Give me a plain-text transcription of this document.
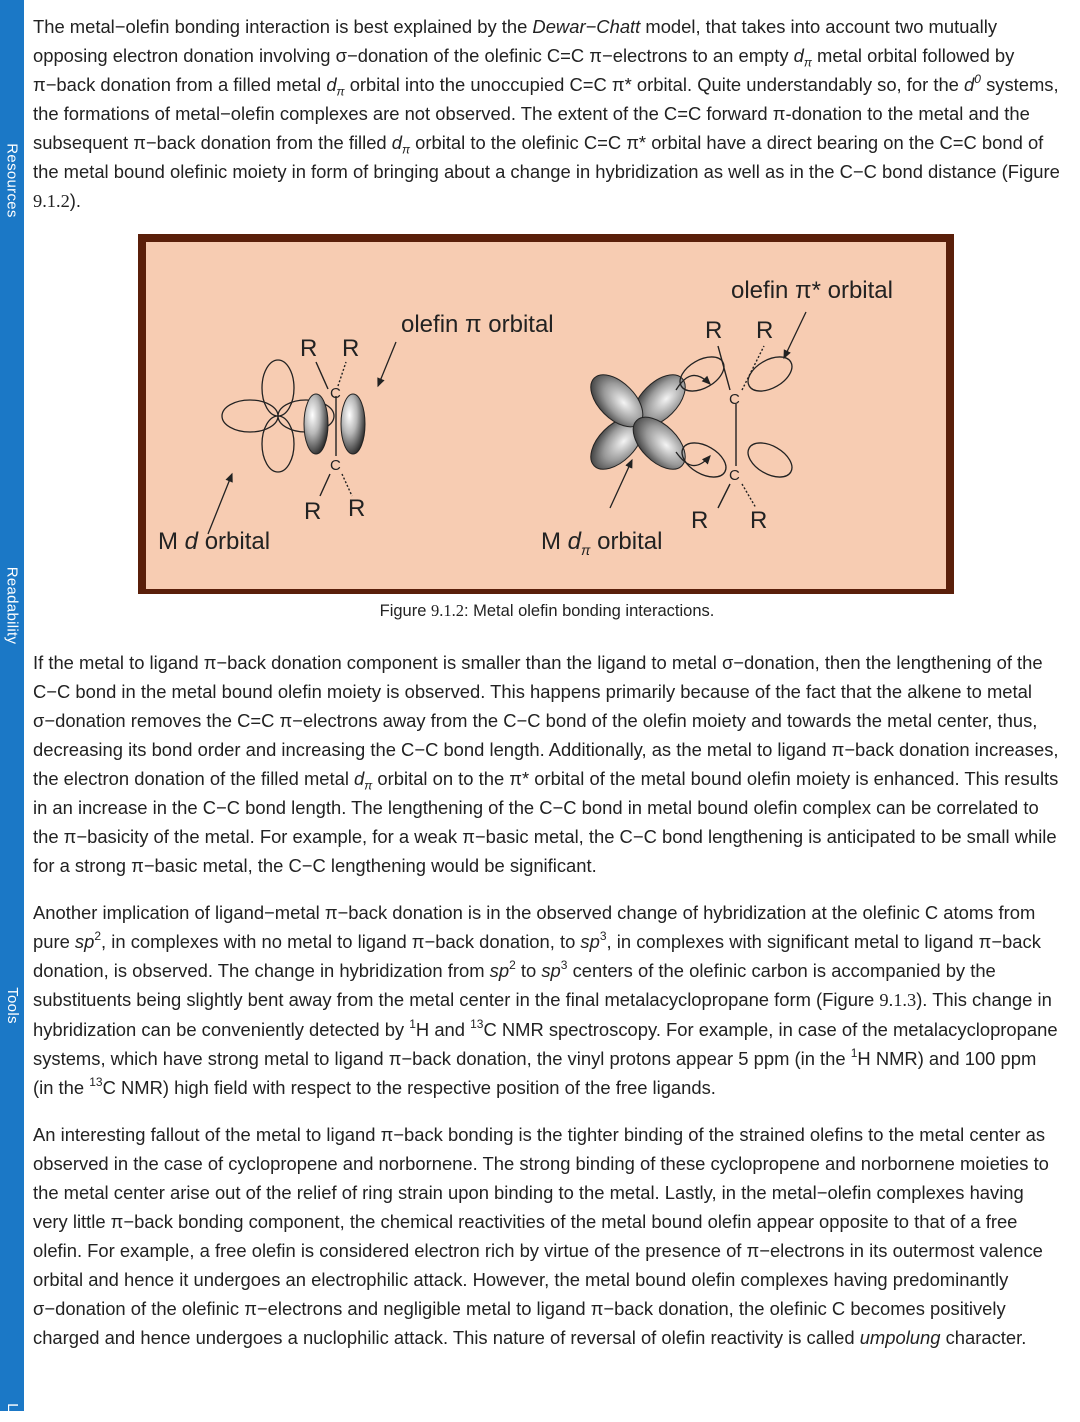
Resources
Readability
Tools
L

The metal−olefin bonding interaction is best explained by the Dewar−Chatt model, that takes into account two mutually opposing electron donation involving σ−donation of the olefinic C=C π−electrons to an empty $d_\pi$ metal orbital followed by π−back donation from a filled metal $d_\pi$ orbital into the unoccupied C=C π* orbital. Quite understandably so, for the $d^0$ systems, the formations of metal−olefin complexes are not observed. The extent of the C=C forward π-donation to the metal and the subsequent π−back donation from the filled $d_\pi$ orbital to the olefinic C=C π* orbital have a direct bearing on the C=C bond of the metal bound olefinic moiety in form of bringing about a change in hybridization as well as in the C−C bond distance (Figure 9.1.2).

C
C
R R
R R
olefin π orbital
M d orbital
C
C
R R
R R
olefin π* orbital
M $d_\pi$ orbital
Figure 9.1.2: Metal olefin bonding interactions.

If the metal to ligand π−back donation component is smaller than the ligand to metal σ−donation, then the lengthening of the C−C bond in the metal bound olefin moiety is observed. This happens primarily because of the fact that the alkene to metal σ−donation removes the C=C π−electrons away from the C−C bond of the olefin moiety and towards the metal center, thus, decreasing its bond order and increasing the C−C bond length. Additionally, as the metal to ligand π−back donation increases, the electron donation of the filled metal $d_\pi$ orbital on to the π* orbital of the metal bound olefin moiety is enhanced. This results in an increase in the C−C bond length. The lengthening of the C−C bond in metal bound olefin complex can be correlated to the π−basicity of the metal. For example, for a weak π−basic metal, the C−C bond lengthening is anticipated to be small while for a strong π−basic metal, the C−C lengthening would be significant.

Another implication of ligand−metal π−back donation is in the observed change of hybridization at the olefinic C atoms from pure $sp^2$, in complexes with no metal to ligand π−back donation, to $sp^3$, in complexes with significant metal to ligand π−back donation, is observed. The change in hybridization from $sp^2$ to $sp^3$ centers of the olefinic carbon is accompanied by the substituents being slightly bent away from the metal center in the final metalacyclopropane form (Figure 9.1.3). This change in hybridization can be conveniently detected by $^1$H and $^{13}$C NMR spectroscopy. For example, in case of the metalacyclopropane systems, which have strong metal to ligand π−back donation, the vinyl protons appear 5 ppm (in the $^1$H NMR) and 100 ppm (in the $^{13}$C NMR) high field with respect to the respective position of the free ligands.

An interesting fallout of the metal to ligand π−back bonding is the tighter binding of the strained olefins to the metal center as observed in the case of cyclopropene and norbornene. The strong binding of these cyclopropene and norbornene moieties to the metal center arise out of the relief of ring strain upon binding to the metal. Lastly, in the metal−olefin complexes having very little π−back bonding component, the chemical reactivities of the metal bound olefin appear opposite to that of a free olefin. For example, a free olefin is considered electron rich by virtue of the presence of π−electrons in its outermost valence orbital and hence it undergoes an electrophilic attack. However, the metal bound olefin complexes having predominantly σ−donation of the olefinic π−electrons and negligible metal to ligand π−back donation, the olefinic C becomes positively charged and hence undergoes a nuclophilic attack. This nature of reversal of olefin reactivity is called umpolung character.
